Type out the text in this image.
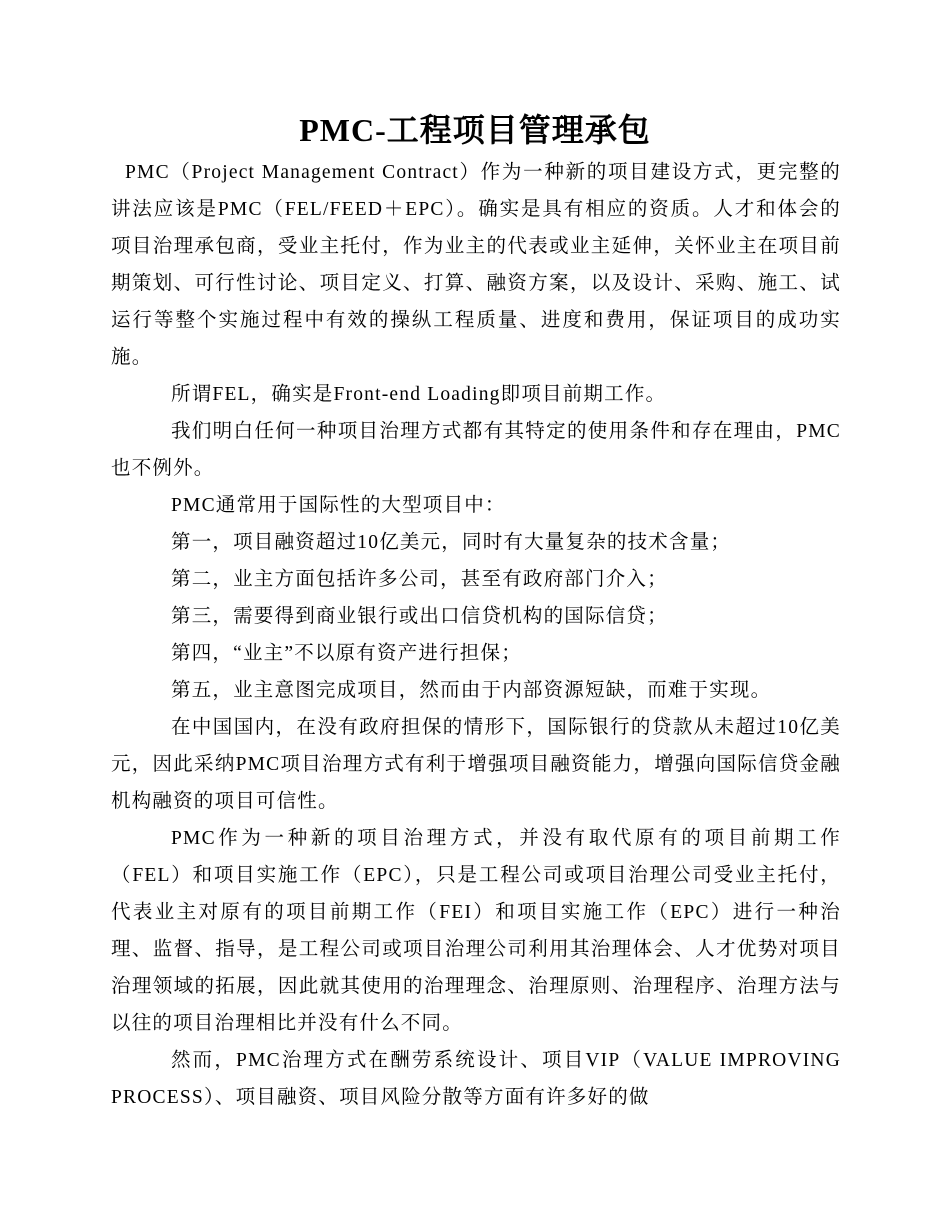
PMC-工程项目管理承包

PMC（Project Management Contract）作为一种新的项目建设方式，更完整的讲法应该是PMC（FEL/FEED＋EPC）。确实是具有相应的资质。人才和体会的项目治理承包商，受业主托付，作为业主的代表或业主延伸，关怀业主在项目前期策划、可行性讨论、项目定义、打算、融资方案，以及设计、采购、施工、试运行等整个实施过程中有效的操纵工程质量、进度和费用，保证项目的成功实施。

所谓FEL，确实是Front-end Loading即项目前期工作。

我们明白任何一种项目治理方式都有其特定的使用条件和存在理由，PMC也不例外。

PMC通常用于国际性的大型项目中：

第一，项目融资超过10亿美元，同时有大量复杂的技术含量；

第二，业主方面包括许多公司，甚至有政府部门介入；

第三，需要得到商业银行或出口信贷机构的国际信贷；

第四，“业主”不以原有资产进行担保；

第五，业主意图完成项目，然而由于内部资源短缺，而难于实现。

在中国国内，在没有政府担保的情形下，国际银行的贷款从未超过10亿美元，因此采纳PMC项目治理方式有利于增强项目融资能力，增强向国际信贷金融机构融资的项目可信性。

PMC作为一种新的项目治理方式，并没有取代原有的项目前期工作（FEL）和项目实施工作（EPC），只是工程公司或项目治理公司受业主托付，代表业主对原有的项目前期工作（FEI）和项目实施工作（EPC）进行一种治理、监督、指导，是工程公司或项目治理公司利用其治理体会、人才优势对项目治理领域的拓展，因此就其使用的治理理念、治理原则、治理程序、治理方法与以往的项目治理相比并没有什么不同。

然而，PMC治理方式在酬劳系统设计、项目VIP（VALUE IMPROVING PROCESS）、项目融资、项目风险分散等方面有许多好的做
